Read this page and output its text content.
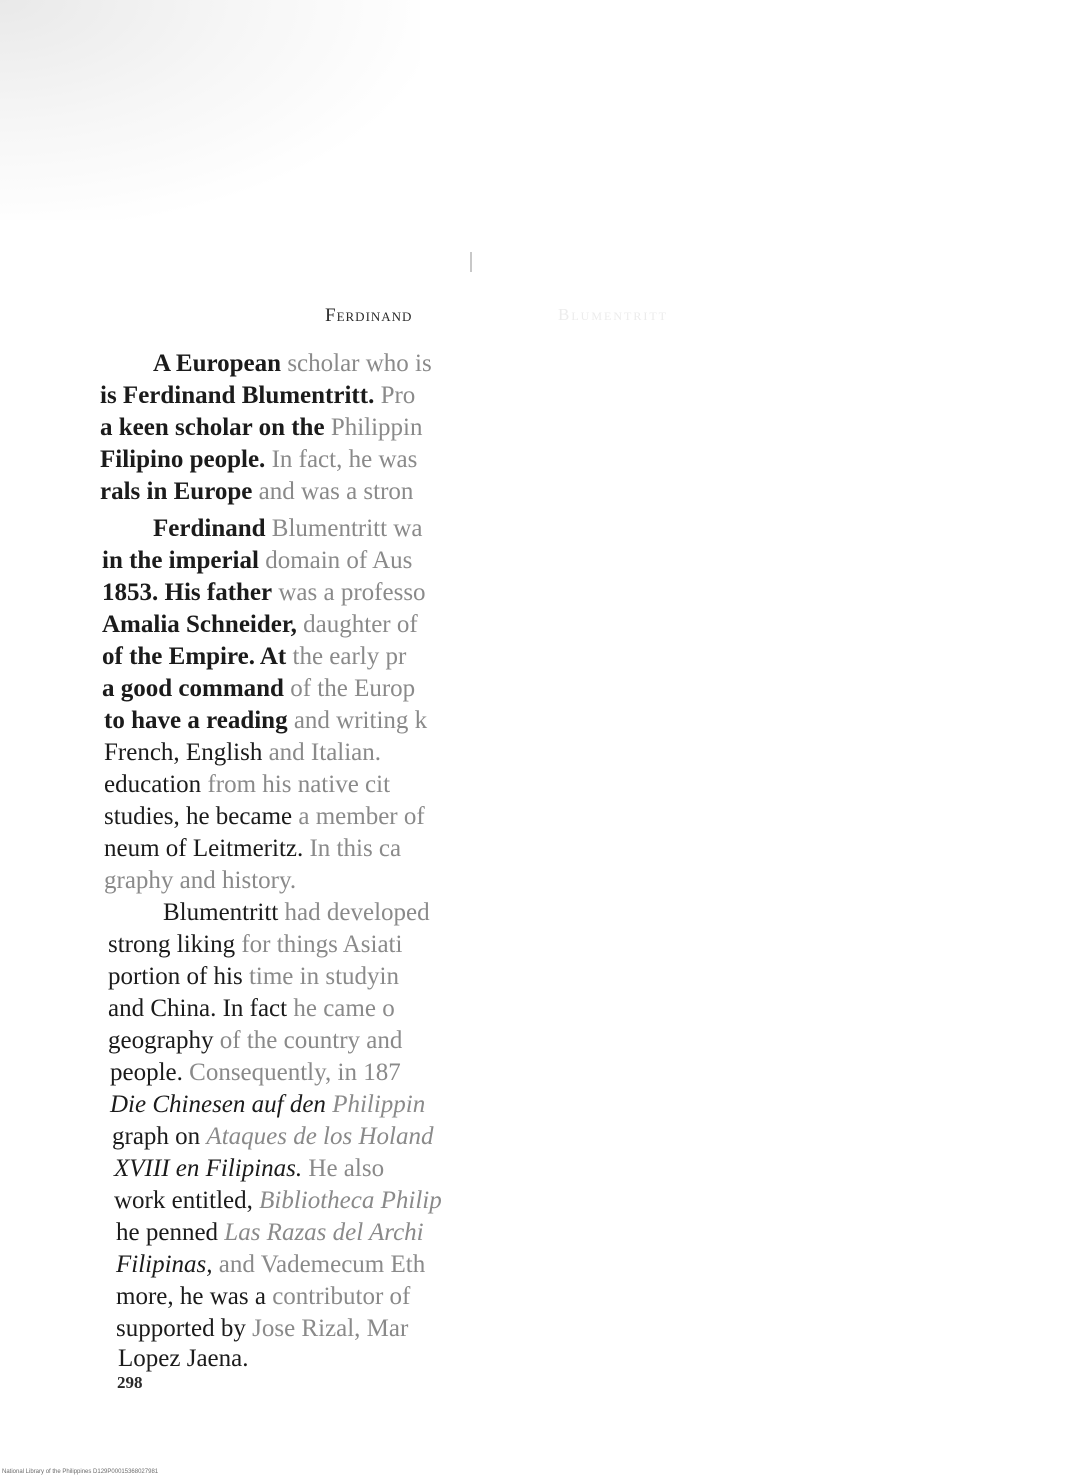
Ferdinand	Blumentritt
A European scholar who is
is Ferdinand Blumentritt. Pro
a keen scholar on the Philippin
Filipino people. In fact, he was
rals in Europe and was a stron
Ferdinand Blumentritt wa
in the imperial domain of Aus
1853. His father was a professo
Amalia Schneider, daughter of
of the Empire. At the early pr
a good command of the Europ
to have a reading and writing k
French, English and Italian.
education from his native cit
studies, he became a member of
neum of Leitmeritz. In this ca
graphy and history.
Blumentritt had developed
strong liking for things Asiati
portion of his time in studyin
and China. In fact he came o
geography of the country and
people. Consequently, in 187
Die Chinesen auf den Philippin
graph on Ataques de los Holand
XVIII en Filipinas. He also
work entitled, Bibliotheca Philip
he penned Las Razas del Archi
Filipinas, and Vademecum Eth
more, he was a contributor of
supported by Jose Rizal, Mar
Lopez Jaena.
298
National Library of the Philippines D129P00015368027981
